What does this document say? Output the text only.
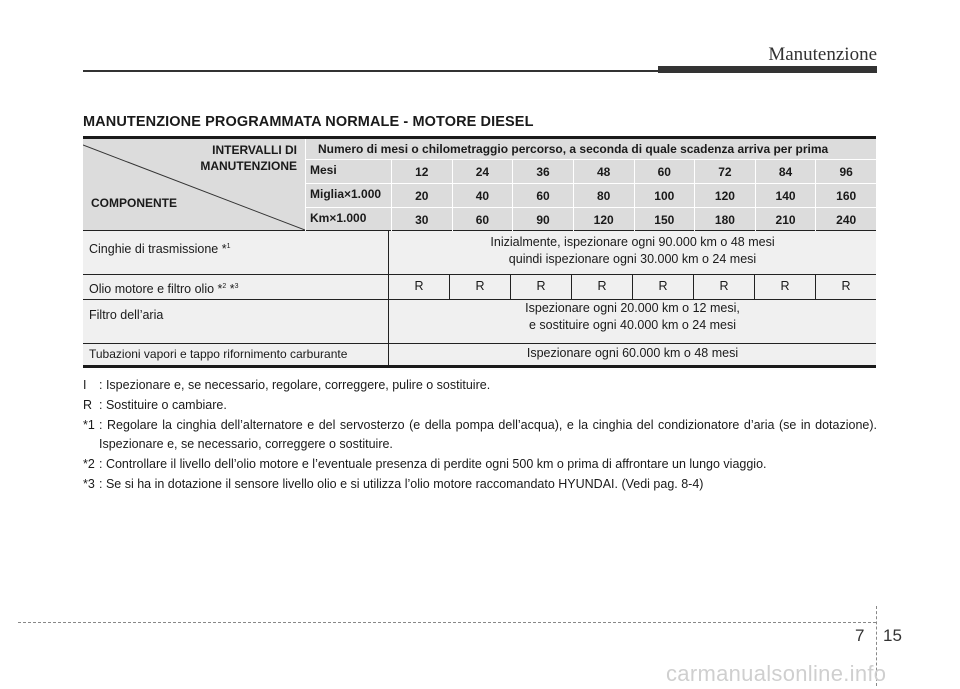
Manutenzione
MANUTENZIONE PROGRAMMATA NORMALE - MOTORE DIESEL
INTERVALLI DI
MANUTENZIONE
COMPONENTE
Numero di mesi o chilometraggio percorso, a seconda di quale scadenza arriva per prima
Mesi	12	24	36	48	60	72	84	96
Miglia×1.000	20	40	60	80	100	120	140	160
Km×1.000	30	60	90	120	150	180	210	240
Cinghie di trasmissione *$^1$	Inizialmente, ispezionare ogni 90.000 km o 48 mesi
quindi ispezionare ogni 30.000 km o 24 mesi
Olio motore e filtro olio *$^2$ *$^3$	R	R	R	R	R	R	R	R
Filtro dell’aria	Ispezionare ogni 20.000 km o 12 mesi,
e sostituire ogni 40.000 km o 24 mesi
Tubazioni vapori e tappo rifornimento carburante	Ispezionare ogni 60.000 km o 48 mesi
I	: Ispezionare e, se necessario, regolare, correggere, pulire o sostituire.
R : Sostituire o cambiare.
*1 : Regolare la cinghia dell’alternatore e del servosterzo (e della pompa dell’acqua), e la cinghia del condizionatore d’aria (se in dotazione). Ispezionare e, se necessario, correggere o sostituire.
*2 : Controllare il livello dell’olio motore e l’eventuale presenza di perdite ogni 500 km o prima di affrontare un lungo viaggio.
*3 : Se si ha in dotazione il sensore livello olio e si utilizza l’olio motore raccomandato HYUNDAI. (Vedi pag. 8-4)
7 15
carmanualsonline.info
